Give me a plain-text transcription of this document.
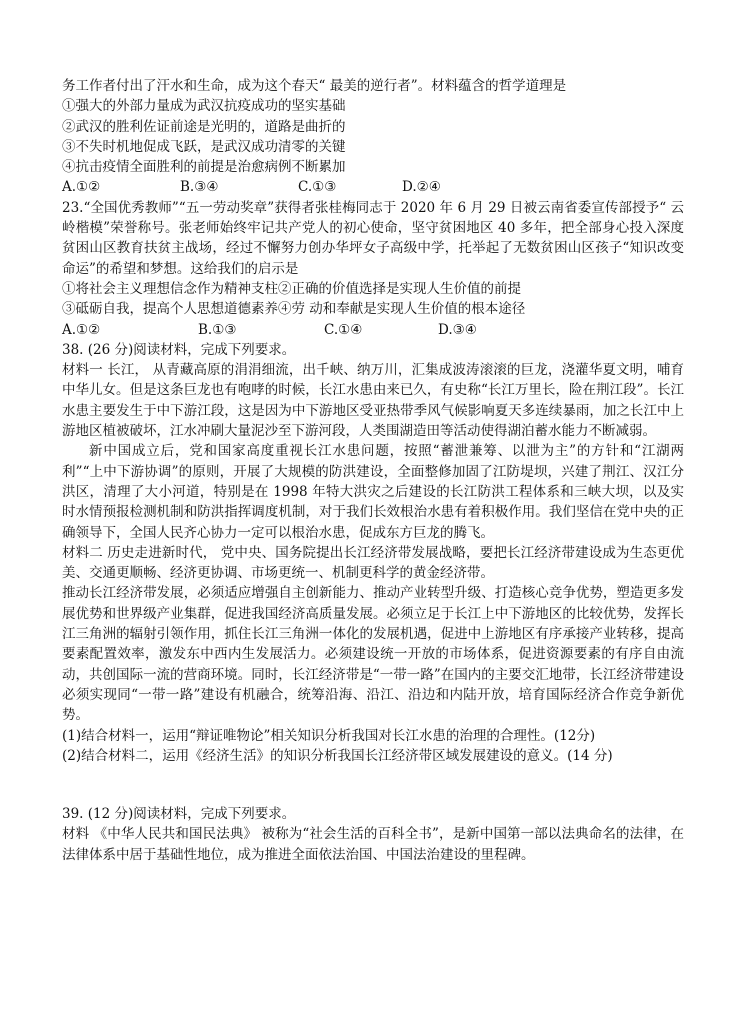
务工作者付出了汗水和生命，成为这个春天“ 最美的逆行者”。材料蕴含的哲学道理是
①强大的外部力量成为武汉抗疫成功的坚实基础
②武汉的胜利佐证前途是光明的，道路是曲折的
③不失时机地促成飞跃，是武汉成功清零的关键
④抗击疫情全面胜利的前提是治愈病例不断累加
A.①②	B.③④	C.①③	D.②④
23.“全国优秀教师”“五一劳动奖章”获得者张桂梅同志于 2020 年 6 月 29 日被云南省委宣传部授予“ 云岭楷模”荣誉称号。张老师始终牢记共产党人的初心使命，坚守贫困地区 40 多年，把全部身心投入深度贫困山区教育扶贫主战场，经过不懈努力创办华坪女子高级中学，托举起了无数贫困山区孩子“知识改变命运”的希望和梦想。这给我们的启示是
①将社会主义理想信念作为精神支柱②正确的价值选择是实现人生价值的前提
③砥砺自我，提高个人思想道德素养④劳 动和奉献是实现人生价值的根本途径
A.①②	B.①③	C.①④	D.③④
38. (26 分)阅读材料，完成下列要求。
材料一 长江， 从青藏高原的涓涓细流，出千峡、纳万川，汇集成波涛滚滚的巨龙，浇灌华夏文明，哺育中华儿女。但是这条巨龙也有咆哮的时候，长江水患由来已久，有史称“长江万里长，险在荆江段”。长江水患主要发生于中下游江段，这是因为中下游地区受亚热带季风气候影响夏天多连续暴雨，加之长江中上游地区植被破坏，江水冲刷大量泥沙至下游河段，人类围湖造田等活动使得湖泊蓄水能力不断减弱。
新中国成立后，党和国家高度重视长江水患问题，按照“蓄泄兼筹、以泄为主”的方针和“江湖两利”“上中下游协调”的原则，开展了大规模的防洪建设，全面整修加固了江防堤坝，兴建了荆江、汉江分洪区，清理了大小河道，特别是在 1998 年特大洪灾之后建设的长江防洪工程体系和三峡大坝，以及实时水情预报检测机制和防洪指挥调度机制，对于我们长效根治水患有着积极作用。我们坚信在党中央的正确领导下，全国人民齐心协力一定可以根治水患，促成东方巨龙的腾飞。
材料二 历史走进新时代， 党中央、国务院提出长江经济带发展战略，要把长江经济带建设成为生态更优美、交通更顺畅、经济更协调、市场更统一、机制更科学的黄金经济带。
推动长江经济带发展，必须适应增强自主创新能力、推动产业转型升级、打造核心竞争优势，塑造更多发展优势和世界级产业集群，促进我国经济高质量发展。必须立足于长江上中下游地区的比较优势，发挥长江三角洲的辐射引领作用，抓住长江三角洲一体化的发展机遇，促进中上游地区有序承接产业转移，提高要素配置效率，激发东中西内生发展活力。必须建设统一开放的市场体系，促进资源要素的有序自由流动，共创国际一流的营商环境。同时，长江经济带是“一带一路”在国内的主要交汇地带，长江经济带建设必须实现同“一带一路”建设有机融合，统筹沿海、沿江、沿边和内陆开放，培育国际经济合作竞争新优势。
(1)结合材料一，运用“辩证唯物论”相关知识分析我国对长江水患的治理的合理性。(12分)
(2)结合材料二，运用《经济生活》的知识分析我国长江经济带区域发展建设的意义。(14 分)
39. (12 分)阅读材料，完成下列要求。
材料 《中华人民共和国民法典》 被称为“社会生活的百科全书”，是新中国第一部以法典命名的法律，在法律体系中居于基础性地位，成为推进全面依法治国、中国法治建设的里程碑。
